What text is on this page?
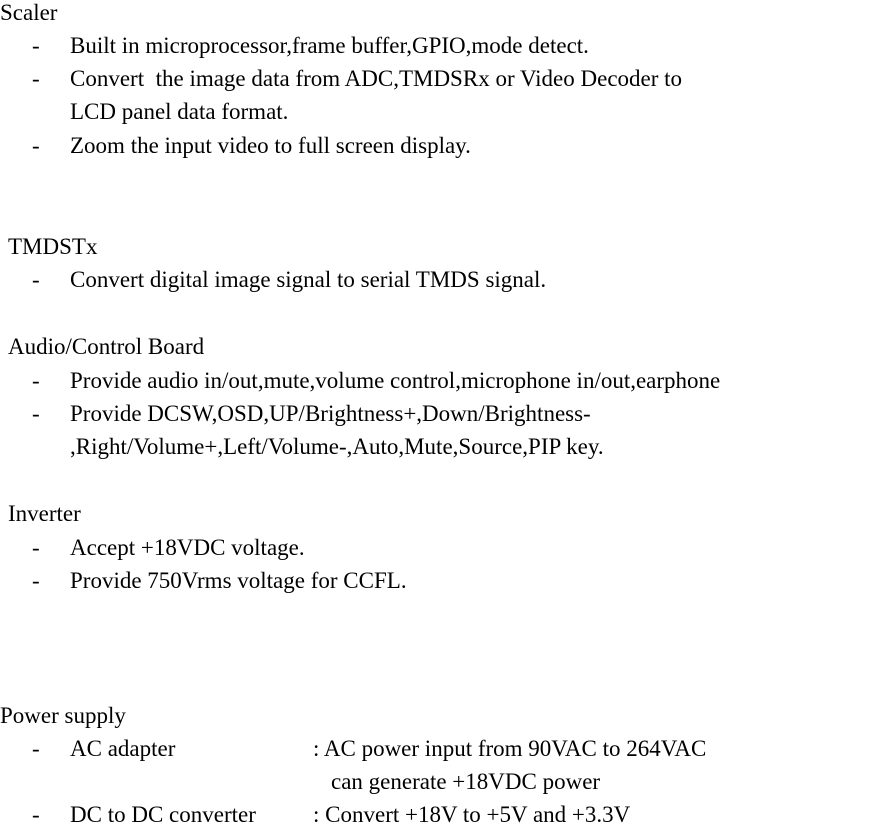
Scaler
- Built in microprocessor,frame buffer,GPIO,mode detect.
- Convert  the image data from ADC,TMDSRx or Video Decoder to
LCD panel data format.
- Zoom the input video to full screen display.
TMDSTx
- Convert digital image signal to serial TMDS signal.
Audio/Control Board
- Provide audio in/out,mute,volume control,microphone in/out,earphone
- Provide DCSW,OSD,UP/Brightness+,Down/Brightness-
,Right/Volume+,Left/Volume-,Auto,Mute,Source,PIP key.
Inverter
- Accept +18VDC voltage.
- Provide 750Vrms voltage for CCFL.
Power supply
- AC adapter	: AC power input from 90VAC to 264VAC
can generate +18VDC power
- DC to DC converter : Convert +18V to +5V and +3.3V
